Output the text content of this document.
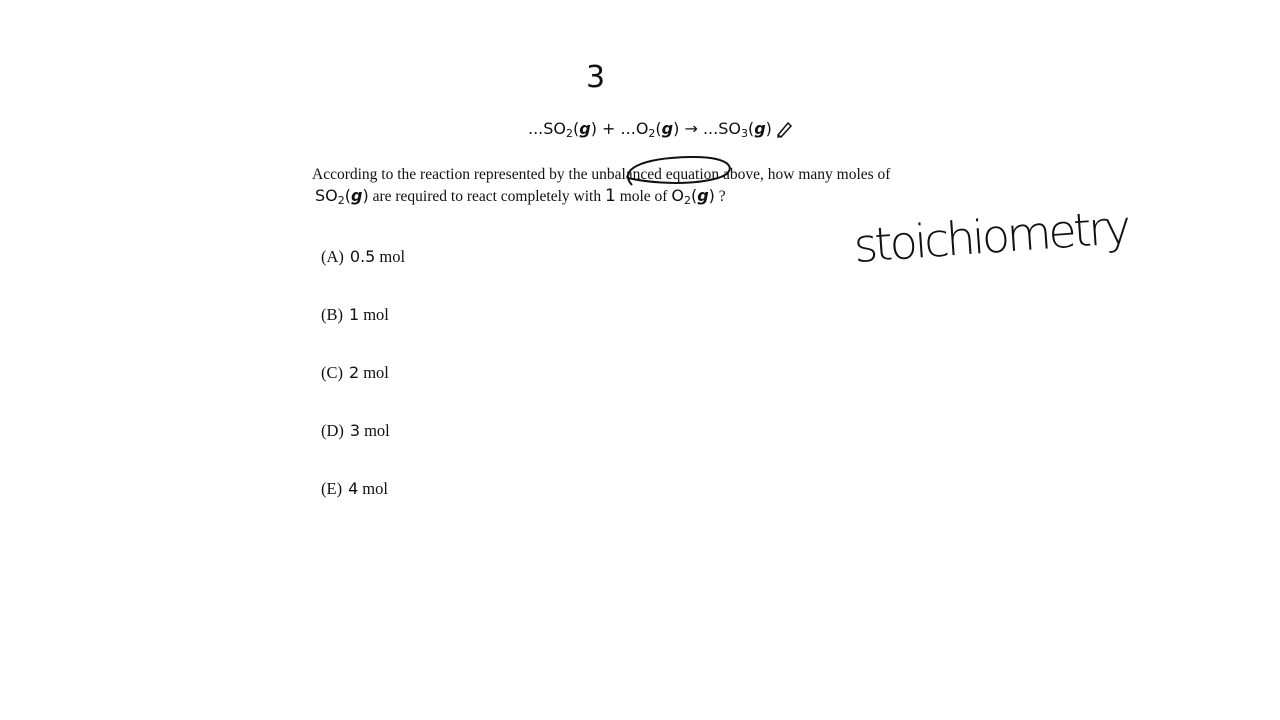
3
$...SO_2(g) + ...O_2(g) \to ...SO_3(g)$
According to the reaction represented by the unbalanced equation above, how many moles of
$SO_2(g)$ are required to react completely with 1 mole of $O_2(g)$ ?
(A) 0.5 mol
(B) 1 mol
(C) 2 mol
(D) 3 mol
(E) 4 mol
stoichiometry
